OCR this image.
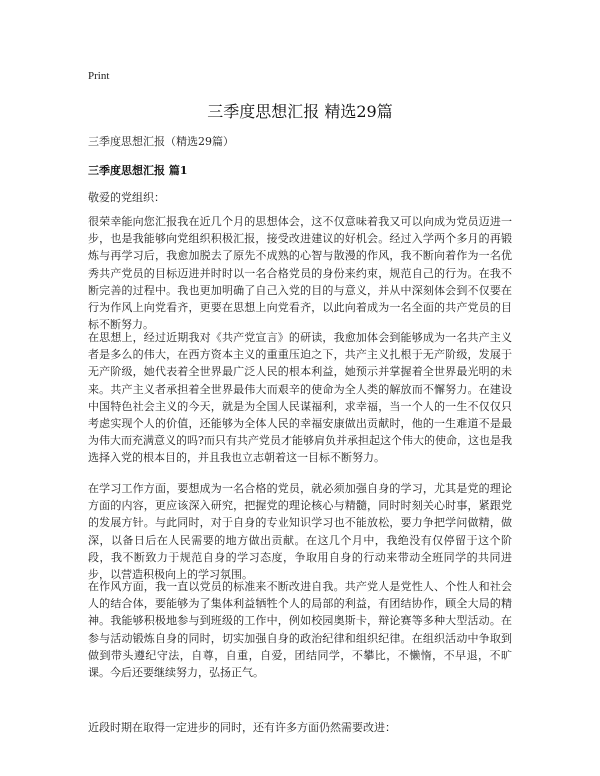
Print
三季度思想汇报 精选29篇
三季度思想汇报（精选29篇）
三季度思想汇报 篇1
敬爱的党组织：

很荣幸能向您汇报我在近几个月的思想体会，这不仅意味着我又可以向成为党员迈进一步，也是我能够向党组织积极汇报，接受改进建议的好机会。经过入学两个多月的再锻炼与再学习后，我愈加脱去了原先不成熟的心智与散漫的作风，我不断向着作为一名优秀共产党员的目标迈进并时时以一名合格党员的身份来约束，规范自己的行为。在我不断完善的过程中。我也更加明确了自己入党的目的与意义，并从中深刻体会到不仅要在行为作风上向党看齐，更要在思想上向党看齐，以此向着成为一名全面的共产党员的目标不断努力。

在思想上，经过近期我对《共产党宣言》的研读，我愈加体会到能够成为一名共产主义者是多么的伟大，在西方资本主义的重重压迫之下，共产主义扎根于无产阶级，发展于无产阶级，她代表着全世界最广泛人民的根本利益，她预示并掌握着全世界最光明的未来。共产主义者承担着全世界最伟大而艰辛的使命为全人类的解放而不懈努力。在建设中国特色社会主义的今天，就是为全国人民谋福利，求幸福，当一个人的一生不仅仅只考虑实现个人的价值，还能够为全体人民的幸福安康做出贡献时，他的一生难道不是最为伟大而充满意义的吗?而只有共产党员才能够肩负并承担起这个伟大的使命，这也是我选择入党的根本目的，并且我也立志朝着这一目标不断努力。

在学习工作方面，要想成为一名合格的党员，就必须加强自身的学习，尤其是党的理论方面的内容，更应该深入研究，把握党的理论核心与精髓，同时时刻关心时事，紧跟党的发展方针。与此同时，对于自身的专业知识学习也不能放松，要力争把学问做精，做深，以备日后在人民需要的地方做出贡献。在这几个月中，我绝没有仅停留于这个阶段，我不断致力于规范自身的学习态度，争取用自身的行动来带动全班同学的共同进步，以营造积极向上的学习氛围。

在作风方面，我一直以党员的标准来不断改进自我。共产党人是党性人、个性人和社会人的结合体，要能够为了集体利益牺牲个人的局部的利益，有团结协作，顾全大局的精神。我能够积极地参与到班级的工作中，例如校园奥斯卡，辩论赛等多种大型活动。在参与活动锻炼自身的同时，切实加强自身的政治纪律和组织纪律。在组织活动中争取到做到带头遵纪守法，自尊，自重，自爱，团结同学，不攀比，不懒惰，不早退，不旷课。今后还要继续努力，弘扬正气。

近段时期在取得一定进步的同时，还有许多方面仍然需要改进：
